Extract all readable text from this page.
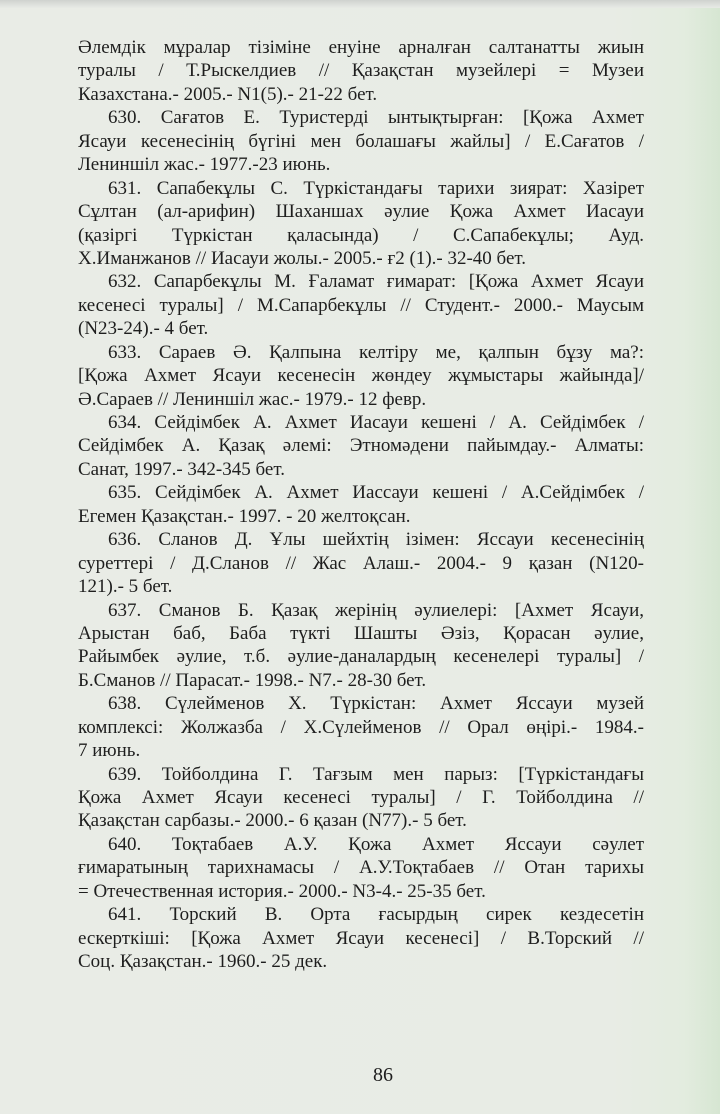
Әлемдік мұралар тізіміне енуіне арналған салтанатты жиын
туралы / Т.Рыскелдиев // Қазақстан музейлері = Музеи
Казахстана.- 2005.- N1(5).- 21-22 бет.
630. Сағатов Е. Туристерді ынтықтырған: [Қожа Ахмет
Ясауи кесенесінің бүгіні мен болашағы жайлы] / Е.Сағатов /
Лениншіл жас.- 1977.-23 июнь.
631. Сапабекұлы С. Түркістандағы тарихи зиярат: Хазірет
Сұлтан (ал-арифин) Шаханшах әулие Қожа Ахмет Иасауи
(қазіргі Түркістан қаласында) / С.Сапабекұлы; Ауд.
Х.Иманжанов // Иасауи жолы.- 2005.- ғ2 (1).- 32-40 бет.
632. Сапарбекұлы М. Ғаламат ғимарат: [Қожа Ахмет Ясауи
кесенесі туралы] / М.Сапарбекұлы // Студент.- 2000.- Маусым
(N23-24).- 4 бет.
633. Сараев Ә. Қалпына келтіру ме, қалпын бұзу ма?:
[Қожа Ахмет Ясауи кесенесін жөндеу жұмыстары жайында]/
Ә.Сараев // Лениншіл жас.- 1979.- 12 февр.
634. Сейдімбек А. Ахмет Иасауи кешені / А. Сейдімбек /
Сейдімбек А. Қазақ әлемі: Этномәдени пайымдау.- Алматы:
Санат, 1997.- 342-345 бет.
635. Сейдімбек А. Ахмет Иассауи кешені / А.Сейдімбек /
Егемен Қазақстан.- 1997. - 20 желтоқсан.
636. Сланов Д. Ұлы шейхтің ізімен: Яссауи кесенесінің
суреттері / Д.Сланов // Жас Алаш.- 2004.- 9 қазан (N120-
121).- 5 бет.
637. Сманов Б. Қазақ жерінің әулиелері: [Ахмет Ясауи,
Арыстан баб, Баба түкті Шашты Әзіз, Қорасан әулие,
Райымбек әулие, т.б. әулие-даналардың кесенелері туралы] /
Б.Сманов // Парасат.- 1998.- N7.- 28-30 бет.
638. Сүлейменов Х. Түркістан: Ахмет Яссауи музей
комплексі: Жолжазба / Х.Сүлейменов // Орал өңірі.- 1984.-
7 июнь.
639. Тойболдина Г. Тағзым мен парыз: [Түркістандағы
Қожа Ахмет Ясауи кесенесі туралы] / Г. Тойболдина //
Қазақстан сарбазы.- 2000.- 6 қазан (N77).- 5 бет.
640. Тоқтабаев А.У. Қожа Ахмет Яссауи сәулет
ғимаратының тарихнамасы / А.У.Тоқтабаев // Отан тарихы
= Отечественная история.- 2000.- N3-4.- 25-35 бет.
641. Торский В. Орта ғасырдың сирек кездесетін
ескерткіші: [Қожа Ахмет Ясауи кесенесі] / В.Торский //
Соц. Қазақстан.- 1960.- 25 дек.
86
